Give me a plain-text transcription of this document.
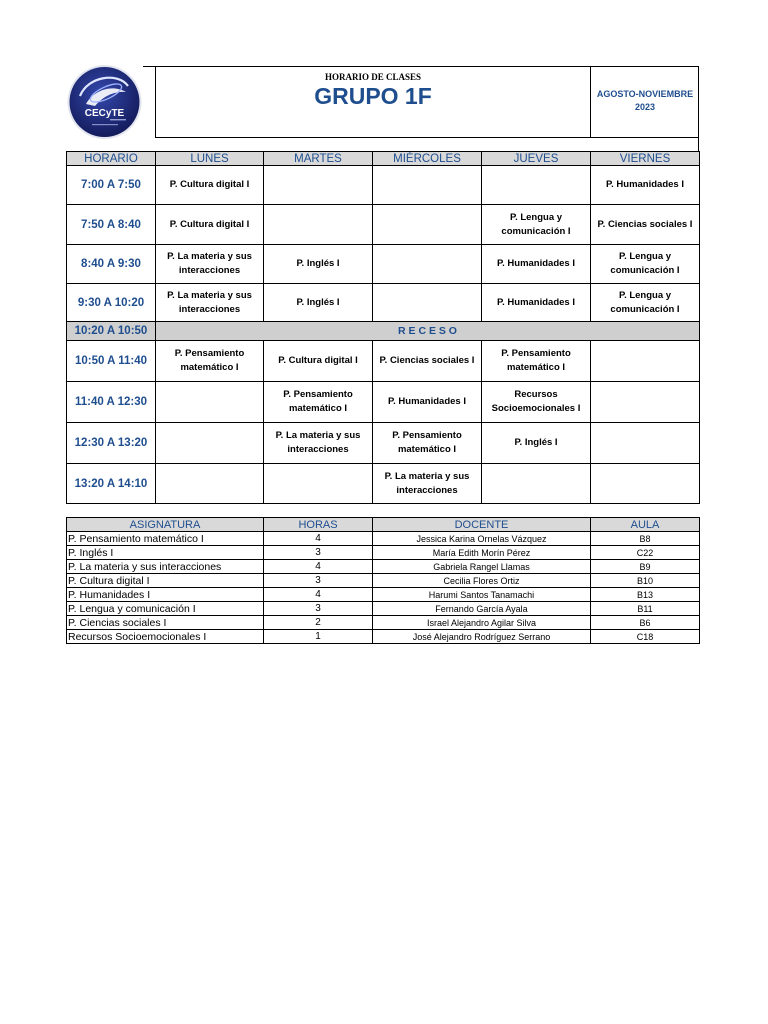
CECyTE
HORARIO DE CLASES
GRUPO 1F	AGOSTO-NOVIEMBRE
2023
HORARIO	LUNES	MARTES	MIÉRCOLES	JUEVES	VIERNES
7:00 A 7:50	P. Cultura digital I				P. Humanidades I
7:50 A 8:40	P. Cultura digital I			P. Lengua y comunicación I	P. Ciencias sociales I
8:40 A 9:30	P. La materia y sus interacciones	P. Inglés I		P. Humanidades I	P. Lengua y comunicación I
9:30 A 10:20	P. La materia y sus interacciones	P. Inglés I		P. Humanidades I	P. Lengua y comunicación I
10:20 A 10:50	R E C E S O				
10:50 A 11:40	P. Pensamiento matemático I	P. Cultura digital I	P. Ciencias sociales I	P. Pensamiento matemático I	
11:40 A 12:30		P. Pensamiento matemático I	P. Humanidades I	Recursos Socioemocionales I	
12:30 A 13:20		P. La materia y sus interacciones	P. Pensamiento matemático I	P. Inglés I	
13:20 A 14:10			P. La materia y sus interacciones		
ASIGNATURA	HORAS	DOCENTE	AULA
P. Pensamiento matemático I	4	Jessica Karina Ornelas Vázquez	B8
P. Inglés I	3	María Edith Morín Pérez	C22
P. La materia y sus interacciones	4	Gabriela Rangel Llamas	B9
P. Cultura digital I	3	Cecilia Flores Ortiz	B10
P. Humanidades I	4	Harumi Santos Tanamachi	B13
P. Lengua y comunicación I	3	Fernando García Ayala	B11
P. Ciencias sociales I	2	Israel Alejandro Agilar Silva	B6
Recursos Socioemocionales I	1	José Alejandro Rodríguez Serrano	C18
